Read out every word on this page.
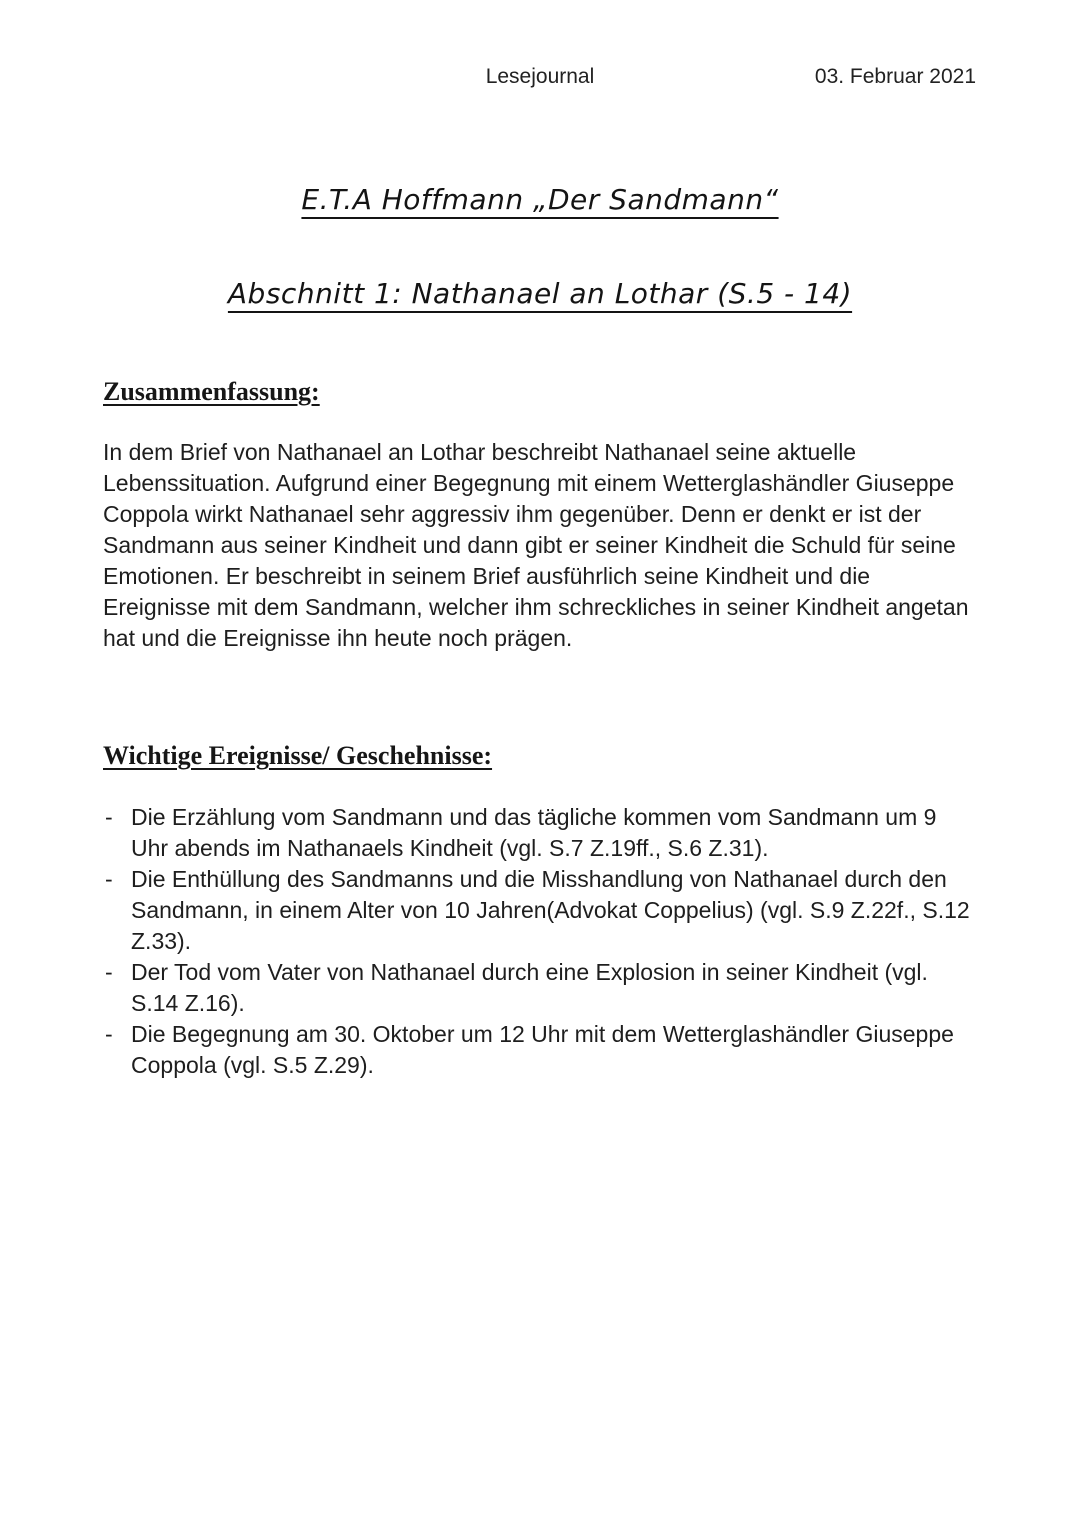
Lesejournal	03. Februar 2021
E.T.A Hoffmann „Der Sandmann“
Abschnitt 1: Nathanael an Lothar (S.5 - 14)
Zusammenfassung:

In dem Brief von Nathanael an Lothar beschreibt Nathanael seine aktuelle Lebenssituation. Aufgrund einer Begegnung mit einem Wetterglashändler Giuseppe Coppola wirkt Nathanael sehr aggressiv ihm gegenüber. Denn er denkt er ist der Sandmann aus seiner Kindheit und dann gibt er seiner Kindheit die Schuld für seine Emotionen. Er beschreibt in seinem Brief ausführlich seine Kindheit und die Ereignisse mit dem Sandmann, welcher ihm schreckliches in seiner Kindheit angetan hat und die Ereignisse ihn heute noch prägen.

Wichtige Ereignisse/ Geschehnisse:
- Die Erzählung vom Sandmann und das tägliche kommen vom Sandmann um 9 Uhr abends im Nathanaels Kindheit (vgl. S.7 Z.19ff., S.6 Z.31).
- Die Enthüllung des Sandmanns und die Misshandlung von Nathanael durch den Sandmann, in einem Alter von 10 Jahren(Advokat Coppelius) (vgl. S.9 Z.22f., S.12 Z.33).
- Der Tod vom Vater von Nathanael durch eine Explosion in seiner Kindheit (vgl. S.14 Z.16).
- Die Begegnung am 30. Oktober um 12 Uhr mit dem Wetterglashändler Giuseppe Coppola (vgl. S.5 Z.29).
